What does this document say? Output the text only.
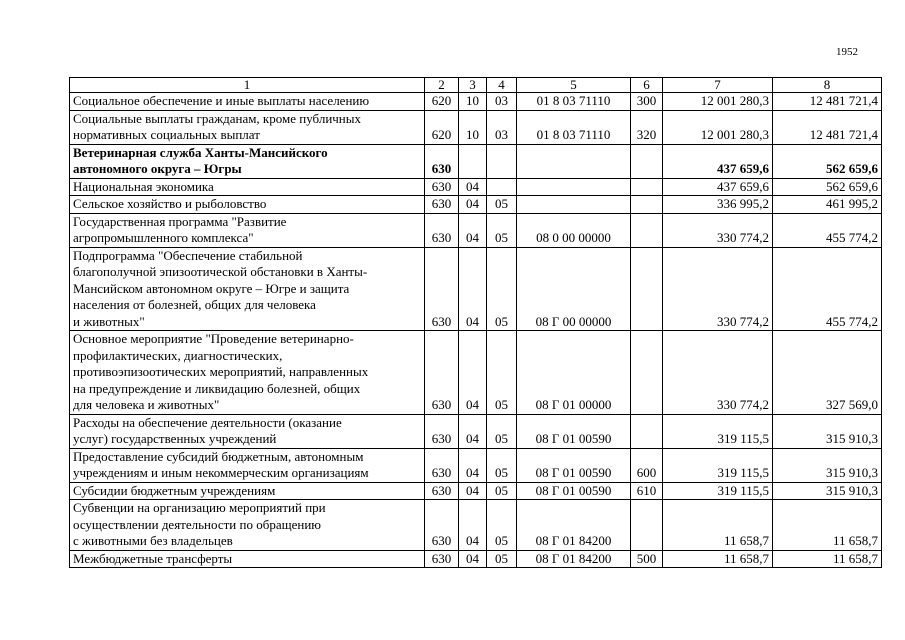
1952
1	2	3	4	5	6	7	8
Социальное обеспечение и иные выплаты населению	620	10	03	01 8 03 71110	300	12 001 280,3	12 481 721,4
Социальные выплаты гражданам, кроме публичных
нормативных социальных выплат	620	10	03	01 8 03 71110	320	12 001 280,3	12 481 721,4
Ветеринарная служба Ханты-Мансийского
автономного округа – Югры	630					437 659,6	562 659,6
Национальная экономика	630	04				437 659,6	562 659,6
Сельское хозяйство и рыболовство	630	04	05			336 995,2	461 995,2
Государственная программа "Развитие
агропромышленного комплекса"	630	04	05	08 0 00 00000		330 774,2	455 774,2
Подпрограмма "Обеспечение стабильной
благополучной эпизоотической обстановки в Ханты-
Мансийском автономном округе – Югре и защита
населения от болезней, общих для человека
и животных"	630	04	05	08 Г 00 00000		330 774,2	455 774,2
Основное мероприятие "Проведение ветеринарно-
профилактических, диагностических,
противоэпизоотических мероприятий, направленных
на предупреждение и ликвидацию болезней, общих
для человека и животных"	630	04	05	08 Г 01 00000		330 774,2	327 569,0
Расходы на обеспечение деятельности (оказание
услуг) государственных учреждений	630	04	05	08 Г 01 00590		319 115,5	315 910,3
Предоставление субсидий бюджетным, автономным
учреждениям и иным некоммерческим организациям	630	04	05	08 Г 01 00590	600	319 115,5	315 910,3
Субсидии бюджетным учреждениям	630	04	05	08 Г 01 00590	610	319 115,5	315 910,3
Субвенции на организацию мероприятий при
осуществлении деятельности по обращению
с животными без владельцев	630	04	05	08 Г 01 84200		11 658,7	11 658,7
Межбюджетные трансферты	630	04	05	08 Г 01 84200	500	11 658,7	11 658,7
